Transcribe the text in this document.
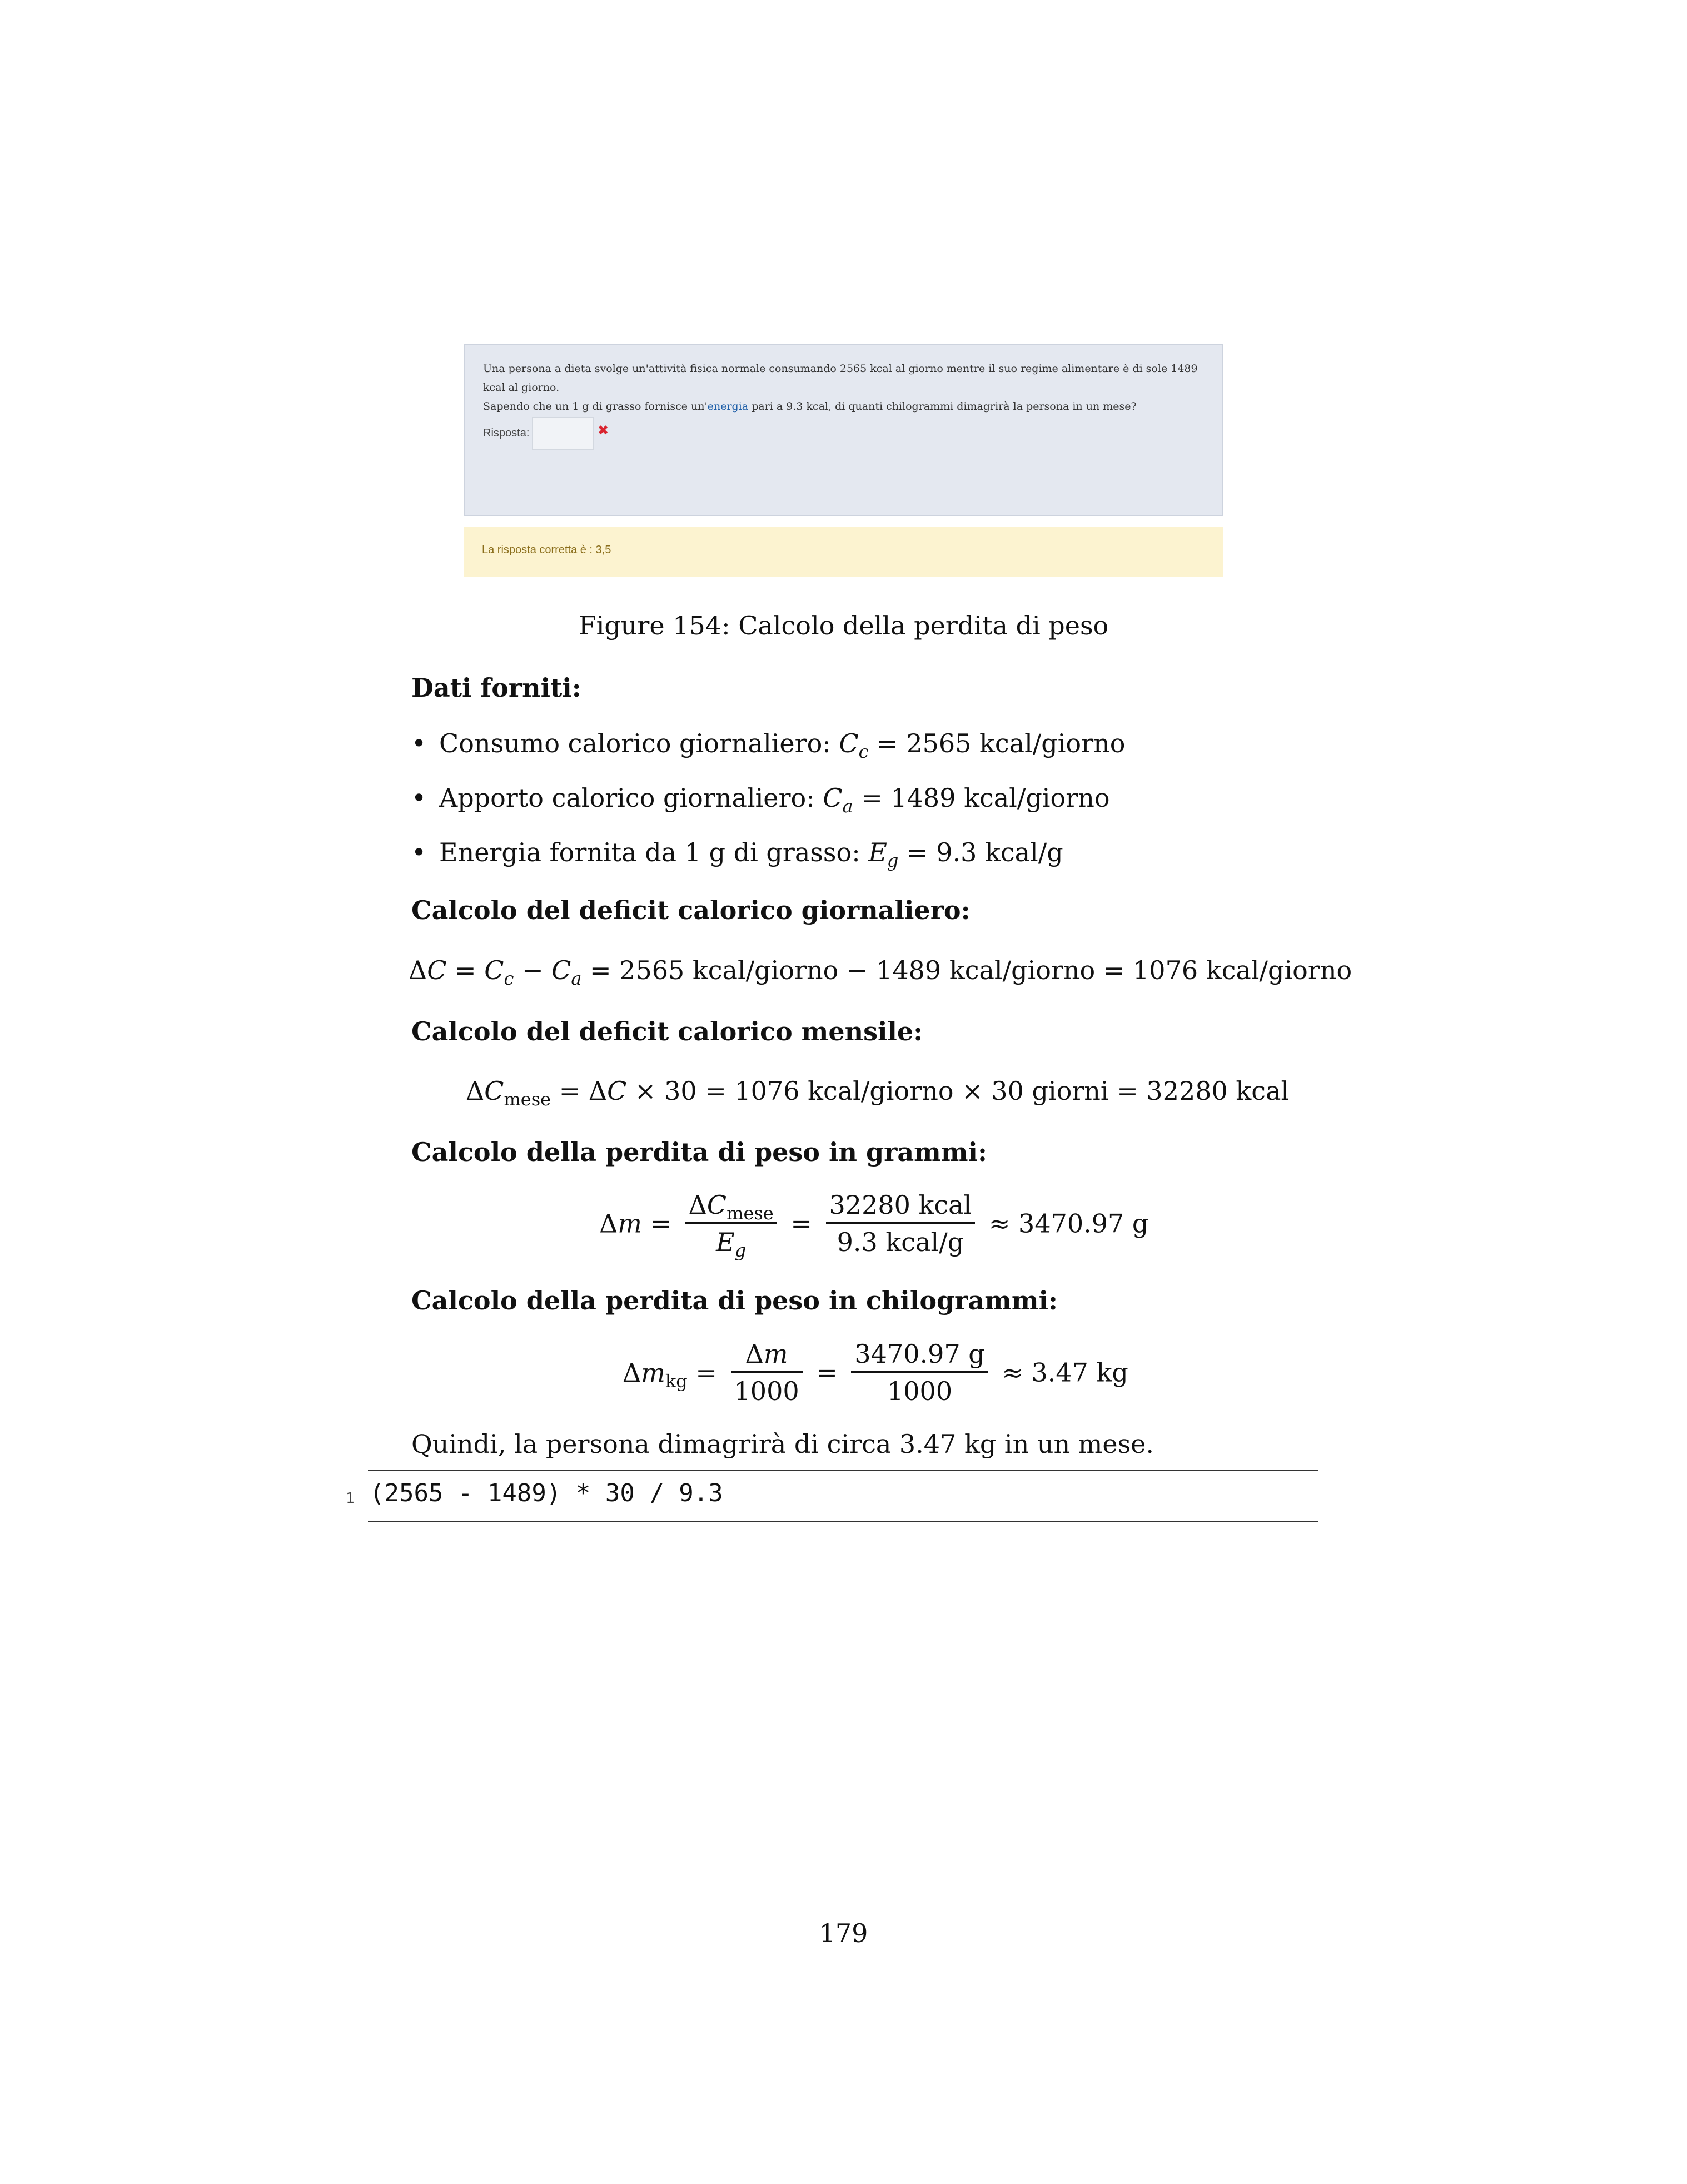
Una persona a dieta svolge un'attività fisica normale consumando 2565 kcal al giorno mentre il suo regime alimentare è di sole 1489 kcal al giorno.
Sapendo che un 1 g di grasso fornisce un'energia pari a 9.3 kcal, di quanti chilogrammi dimagrirà la persona in un mese?
Risposta:	✖
La risposta corretta è : 3,5
Figure 154: Calcolo della perdita di peso
Dati forniti:
• Consumo calorico giornaliero: $C_c = 2565$ kcal/giorno
• Apporto calorico giornaliero: $C_a = 1489$ kcal/giorno
• Energia fornita da 1 g di grasso: $E_g = 9.3$ kcal/g
Calcolo del deficit calorico giornaliero:
$\Delta C = C_c - C_a = 2565$ kcal/giorno − 1489 kcal/giorno = 1076 kcal/giorno
Calcolo del deficit calorico mensile:
$\Delta C_{mese} = \Delta C \times 30 = 1076$ kcal/giorno × 30 giorni = 32280 kcal
Calcolo della perdita di peso in grammi:
$\Delta m = \frac{\Delta C_{mese}}{E_g} = \frac{\text{32280 kcal}}{\text{9.3 kcal/g}} \approx 3470.97$ g
Calcolo della perdita di peso in chilogrammi:
$\Delta m_{kg} = \frac{\Delta m}{1000} = \frac{3470.97 g}{1000} \approx 3.47$ kg
Quindi, la persona dimagrirà di circa 3.47 kg in un mese.
1 (2565 - 1489) * 30 / 9.3
179
